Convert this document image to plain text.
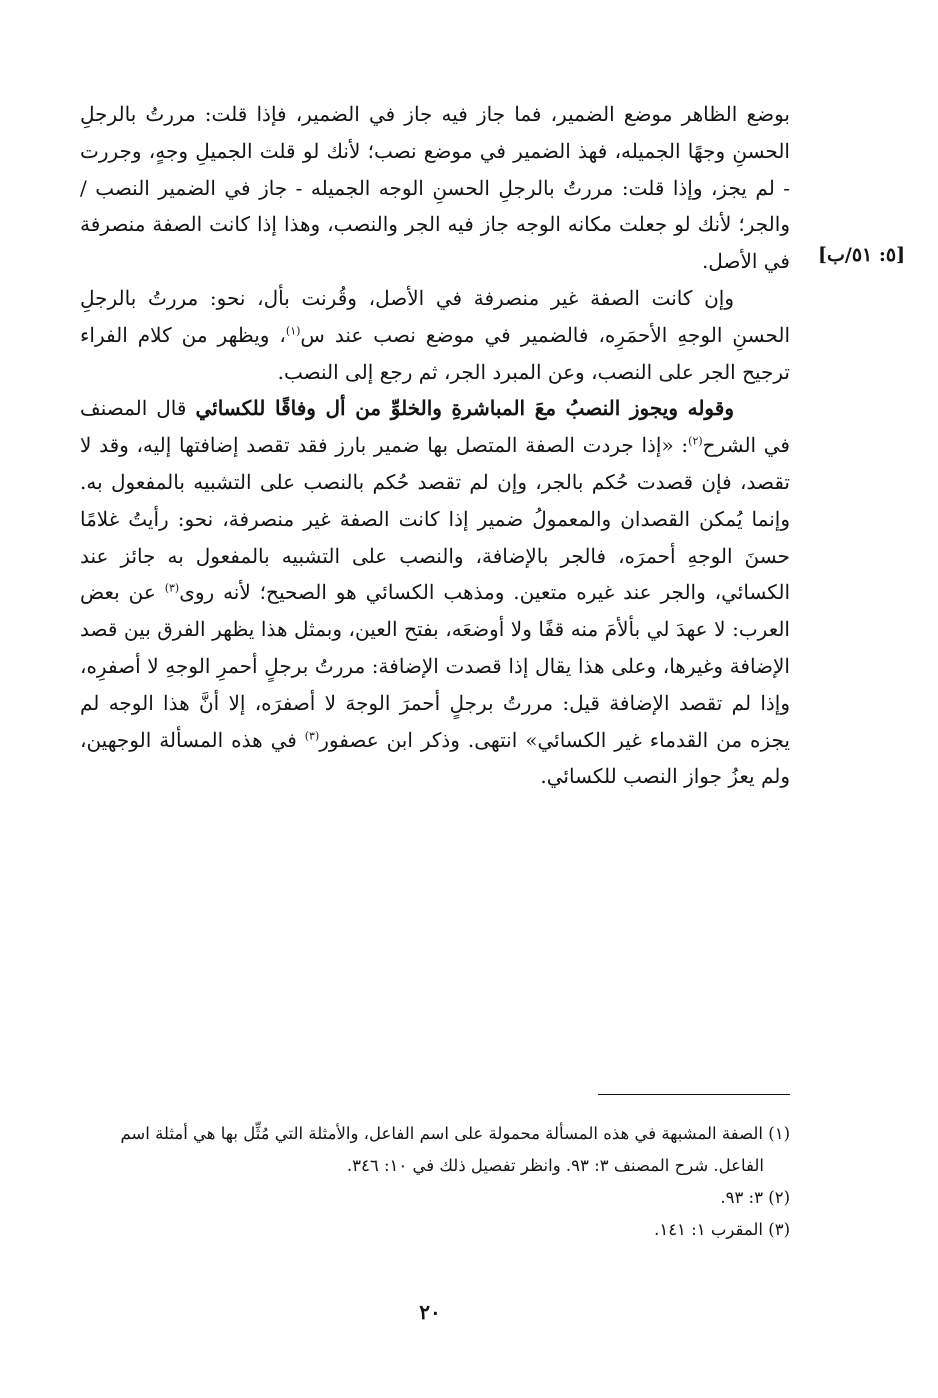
[٥: ٥١/ب]

بوضع الظاهر موضع الضمير، فما جاز فيه جاز في الضمير، فإذا قلت: مررتُ بالرجلِ الحسنِ وجهًا الجميله، فهذ الضمير في موضع نصب؛ لأنك لو قلت الجميلِ وجهٍ، وجررت - لم يجز، وإذا قلت: مررتُ بالرجلِ الحسنِ الوجه الجميله - جاز في الضمير النصب /والجر؛ لأنك لو جعلت مكانه الوجه جاز فيه الجر والنصب، وهذا إذا كانت الصفة منصرفة في الأصل.

وإن كانت الصفة غير منصرفة في الأصل، وقُرنت بأل، نحو: مررتُ بالرجلِ الحسنِ الوجهِ الأحمَرِه، فالضمير في موضع نصب عند س$^{(١)}$، ويظهر من كلام الفراء ترجيح الجر على النصب، وعن المبرد الجر، ثم رجع إلى النصب.

وقوله ويجوز النصبُ معَ المباشرةِ والخلوِّ من أل وفاقًا للكسائي قال المصنف في الشرح$^{(٢)}$: «إذا جردت الصفة المتصل بها ضمير بارز فقد تقصد إضافتها إليه، وقد لا تقصد، فإن قصدت حُكم بالجر، وإن لم تقصد حُكم بالنصب على التشبيه بالمفعول به. وإنما يُمكن القصدان والمعمولُ ضمير إذا كانت الصفة غير منصرفة، نحو: رأيتُ غلامًا حسنَ الوجهِ أحمرَه، فالجر بالإضافة، والنصب على التشبيه بالمفعول به جائز عند الكسائي، والجر عند غيره متعين. ومذهب الكسائي هو الصحيح؛ لأنه روى$^{(٣)}$ عن بعض العرب: لا عهدَ لي بألأمَ منه قفًا ولا أوضعَه، بفتح العين، وبمثل هذا يظهر الفرق بين قصد الإضافة وغيرها، وعلى هذا يقال إذا قصدت الإضافة: مررتُ برجلٍ أحمرِ الوجهِ لا أصفرِه، وإذا لم تقصد الإضافة قيل: مررتُ برجلٍ أحمرَ الوجهَ لا أصفرَه، إلا أنَّ هذا الوجه لم يجزه من القدماء غير الكسائي» انتهى. وذكر ابن عصفور$^{(٣)}$ في هذه المسألة الوجهين، ولم يعزُ جواز النصب للكسائي.

(١) الصفة المشبهة في هذه المسألة محمولة على اسم الفاعل، والأمثلة التي مُثِّل بها هي أمثلة اسم

الفاعل. شرح المصنف ٣: ٩٣. وانظر تفصيل ذلك في ١٠: ٣٤٦.

(٢) ٣: ٩٣.

(٣) المقرب ١: ١٤١.

٢٠
